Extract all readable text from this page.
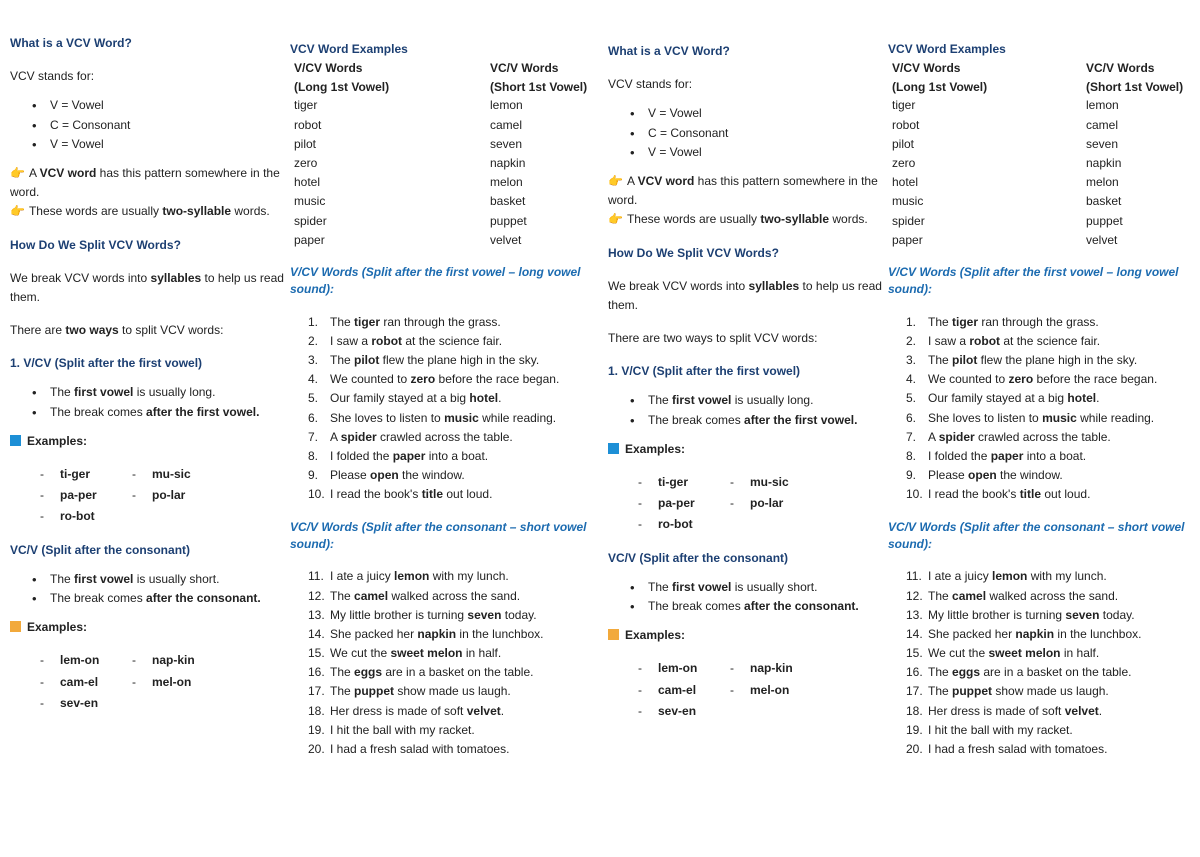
What is a VCV Word?

VCV stands for:

• V = Vowel
• C = Consonant
• V = Vowel

👉 A VCV word has this pattern somewhere in the word.

👉 These words are usually two-syllable words.

How Do We Split VCV Words?

We break VCV words into syllables to help us read them.

There are two ways to split VCV words:

1. V/CV (Split after the first vowel)

• The first vowel is usually long.
• The break comes after the first vowel.

Examples:

- ti-ger	- mu-sic
- pa-per	- po-lar
- ro-bot

VC/V (Split after the consonant)

• The first vowel is usually short.
• The break comes after the consonant.

Examples:

- lem-on	- nap-kin
- cam-el	- mel-on
- sev-en

VCV Word Examples

V/CV Words	VC/V Words
(Long 1st Vowel)	(Short 1st Vowel)
tiger	lemon
robot	camel
pilot	seven
zero	napkin
hotel	melon
music	basket
spider	puppet
paper	velvet

V/CV Words (Split after the first vowel – long vowel sound):

1. The tiger ran through the grass.
2. I saw a robot at the science fair.
3. The pilot flew the plane high in the sky.
4. We counted to zero before the race began.
5. Our family stayed at a big hotel.
6. She loves to listen to music while reading.
7. A spider crawled across the table.
8. I folded the paper into a boat.
9. Please open the window.
10. I read the book's title out loud.

VC/V Words (Split after the consonant – short vowel sound):

11. I ate a juicy lemon with my lunch.
12. The camel walked across the sand.
13. My little brother is turning seven today.
14. She packed her napkin in the lunchbox.
15. We cut the sweet melon in half.
16. The eggs are in a basket on the table.
17. The puppet show made us laugh.
18. Her dress is made of soft velvet.
19. I hit the ball with my racket.
20. I had a fresh salad with tomatoes.

What is a VCV Word?

VCV stands for:

• V = Vowel
• C = Consonant
• V = Vowel

👉 A VCV word has this pattern somewhere in the word.

👉 These words are usually two-syllable words.

How Do We Split VCV Words?

We break VCV words into syllables to help us read them.

There are two ways to split VCV words:

1. V/CV (Split after the first vowel)

• The first vowel is usually long.
• The break comes after the first vowel.

Examples:

- ti-ger	- mu-sic
- pa-per	- po-lar
- ro-bot

VC/V (Split after the consonant)

• The first vowel is usually short.
• The break comes after the consonant.

Examples:

- lem-on	- nap-kin
- cam-el	- mel-on
- sev-en

VCV Word Examples

V/CV Words	VC/V Words
(Long 1st Vowel)	(Short 1st Vowel)
tiger	lemon
robot	camel
pilot	seven
zero	napkin
hotel	melon
music	basket
spider	puppet
paper	velvet

V/CV Words (Split after the first vowel – long vowel sound):

1. The tiger ran through the grass.
2. I saw a robot at the science fair.
3. The pilot flew the plane high in the sky.
4. We counted to zero before the race began.
5. Our family stayed at a big hotel.
6. She loves to listen to music while reading.
7. A spider crawled across the table.
8. I folded the paper into a boat.
9. Please open the window.
10. I read the book's title out loud.

VC/V Words (Split after the consonant – short vowel sound):

11. I ate a juicy lemon with my lunch.
12. The camel walked across the sand.
13. My little brother is turning seven today.
14. She packed her napkin in the lunchbox.
15. We cut the sweet melon in half.
16. The eggs are in a basket on the table.
17. The puppet show made us laugh.
18. Her dress is made of soft velvet.
19. I hit the ball with my racket.
20. I had a fresh salad with tomatoes.
